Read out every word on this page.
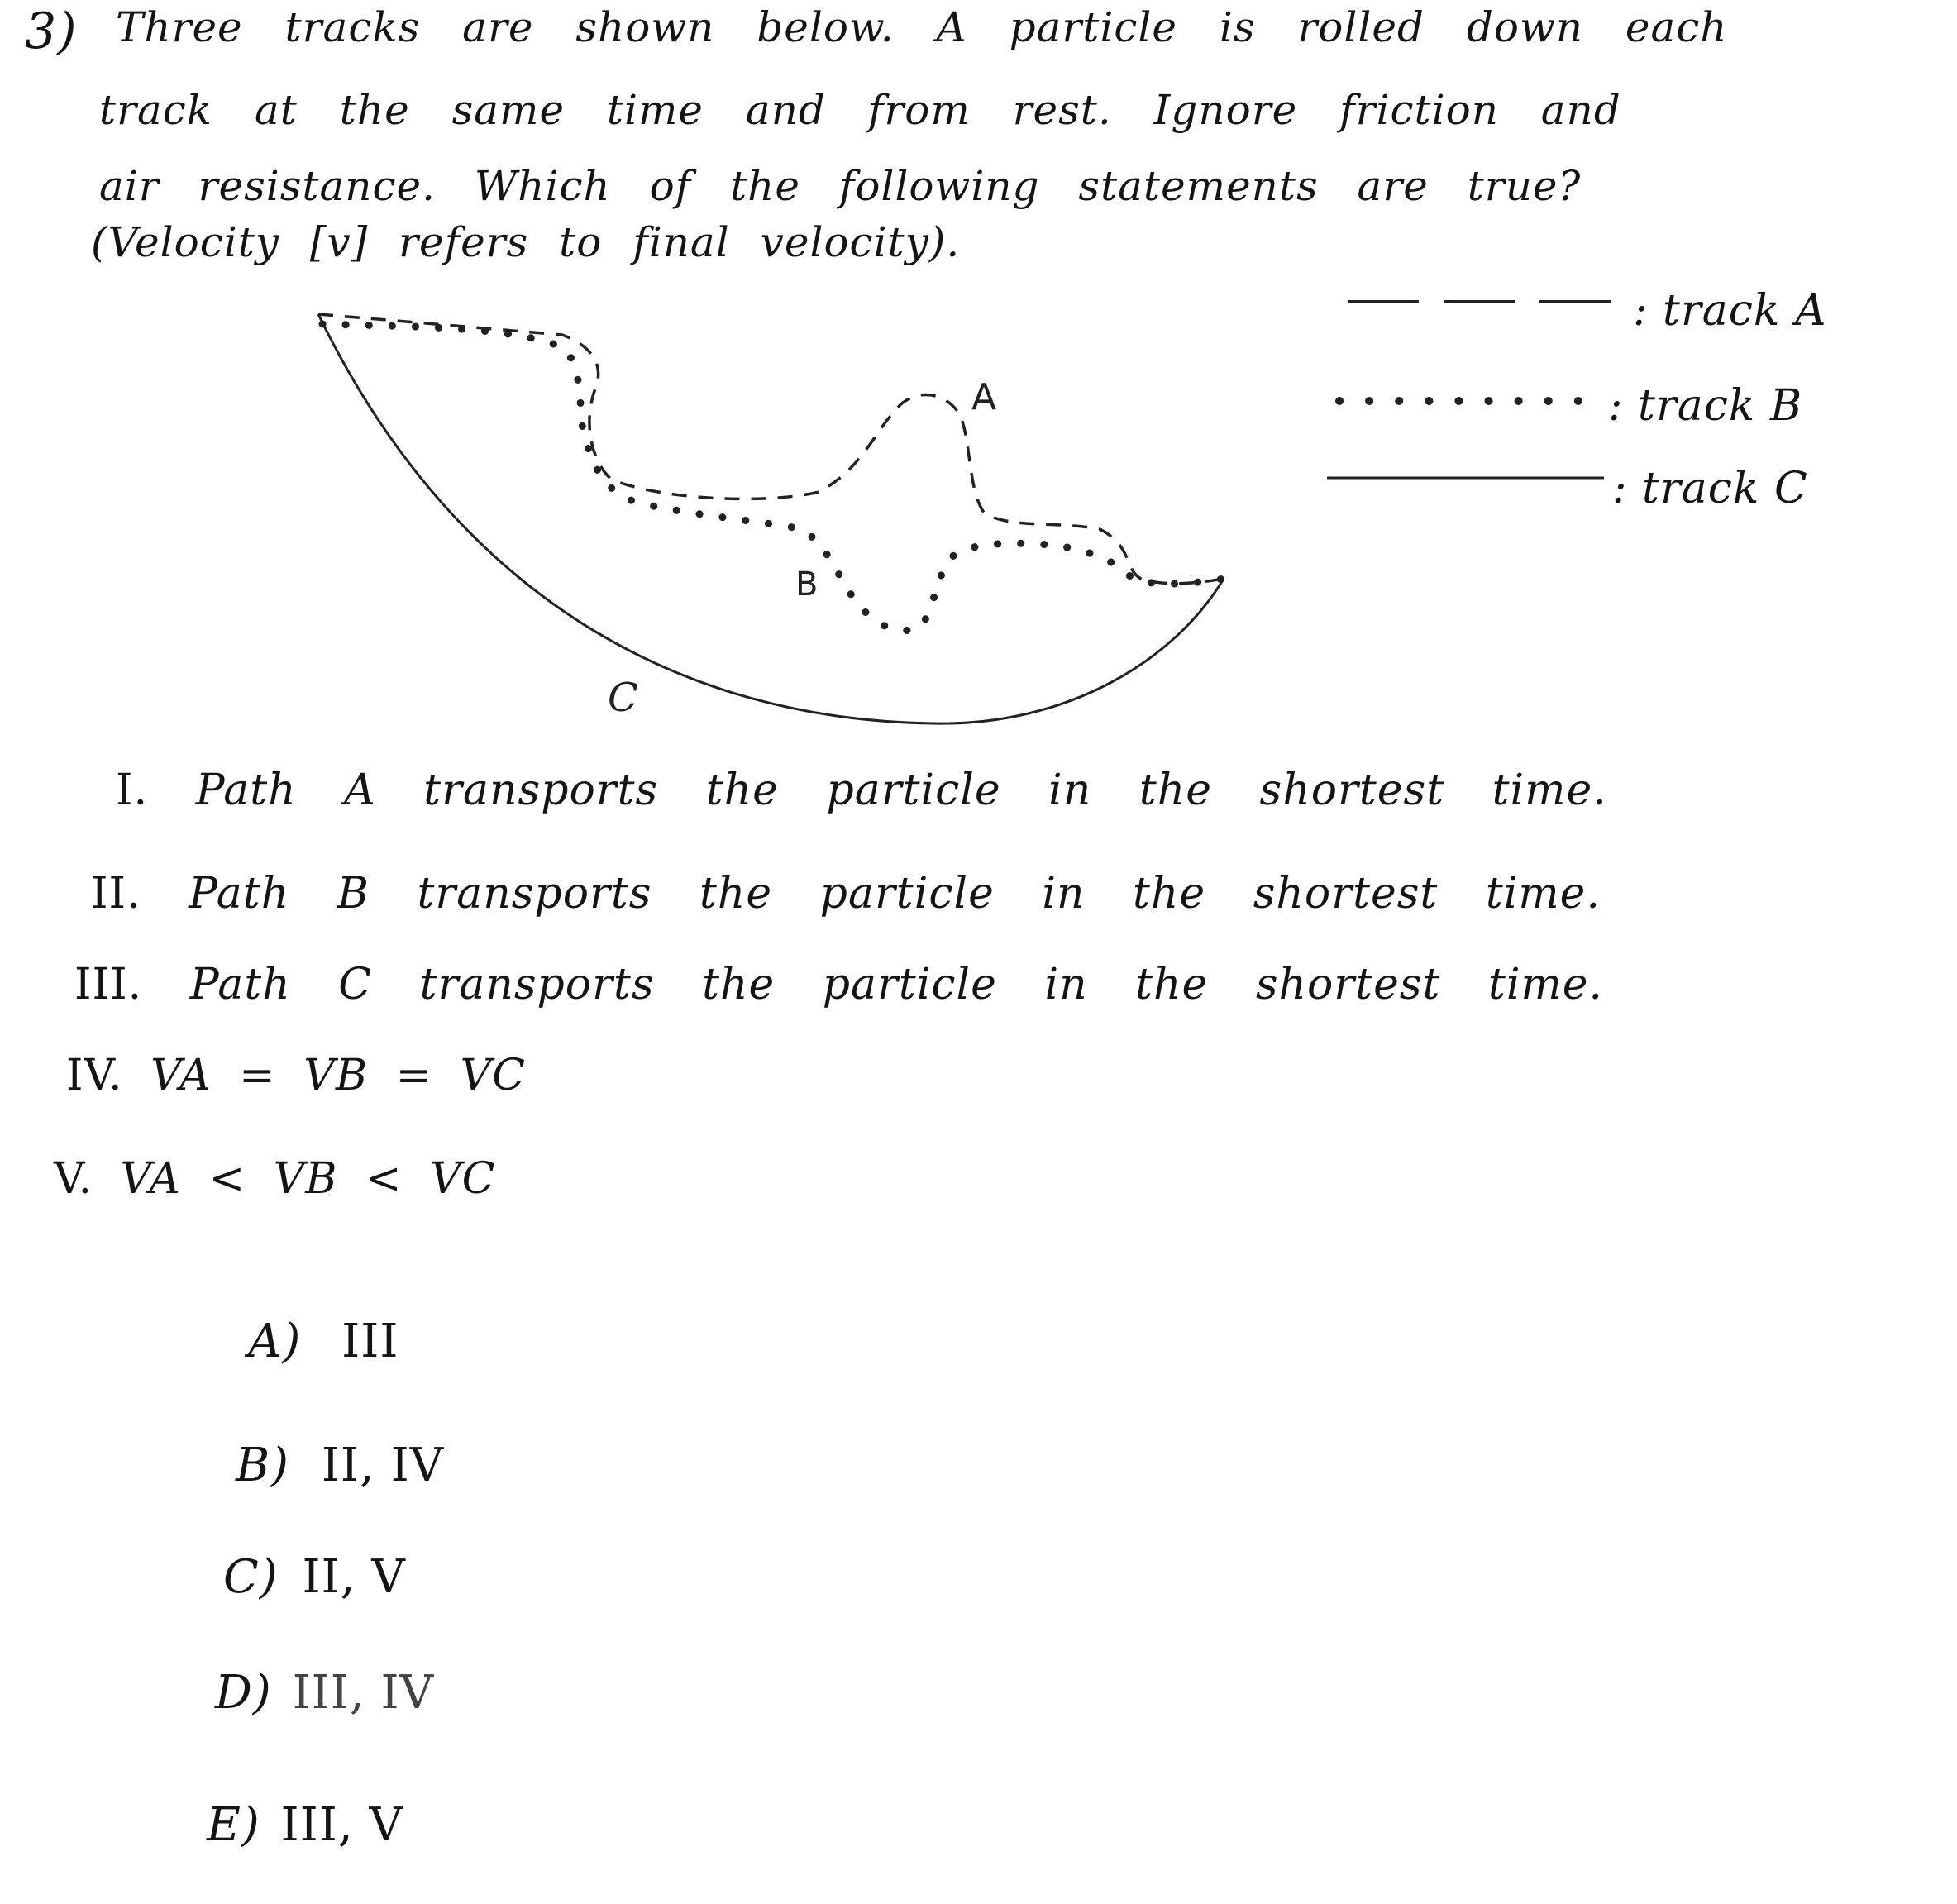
3) Three tracks are shown below. A particle is rolled down each
track at the same time and from rest. Ignore friction and
air resistance. Which of the following statements are true?
(Velocity [v] refers to final velocity).
A
B
C
: track A
: track B
: track C
I. Path A transports the particle in the shortest time.
II. Path B transports the particle in the shortest time.
III. Path C transports the particle in the shortest time.
IV. VA = VB = VC
V. VA < VB < VC
A) III
B) II, IV
C) II, V
D) III, IV
E) III, V
